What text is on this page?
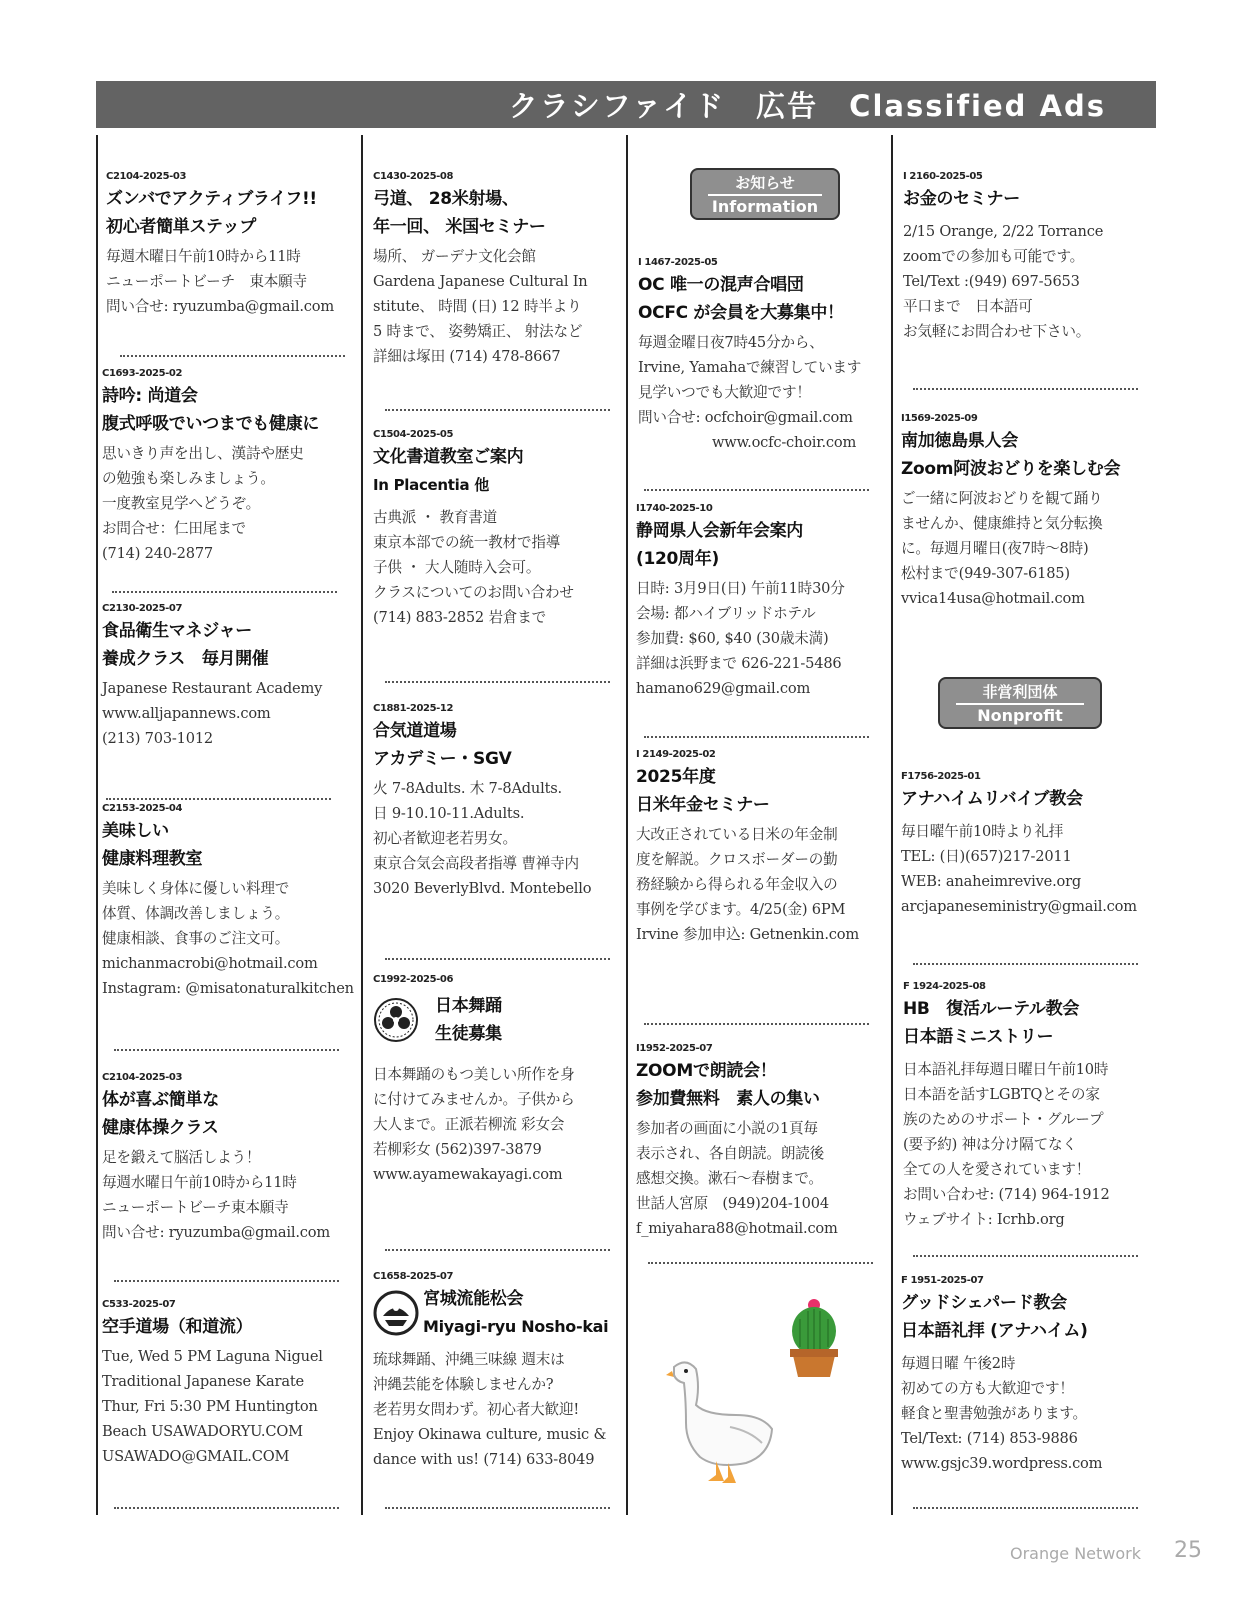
クラシファイド　広告　Classified Ads
C2104-2025-03
ズンバでアクティブライフ!!
初心者簡単ステップ
毎週木曜日午前10時から11時
ニューポートビーチ　東本願寺
問い合せ: ryuzumba@gmail.com
C1693-2025-02
詩吟: 尚道会
腹式呼吸でいつまでも健康に
思いきり声を出し、漢詩や歴史
の勉強も楽しみましょう。
一度教室見学へどうぞ。
お問合せ：仁田尾まで
(714) 240-2877
C2130-2025-07
食品衛生マネジャー
養成クラス　毎月開催
Japanese Restaurant Academy
www.alljapannews.com
(213) 703-1012
C2153-2025-04
美味しい
健康料理教室
美味しく身体に優しい料理で
体質、体調改善しましょう。
健康相談、食事のご注文可。
michanmacrobi@hotmail.com
Instagram: @misatonaturalkitchen
C2104-2025-03
体が喜ぶ簡単な
健康体操クラス
足を鍛えて脳活しよう！
毎週水曜日午前10時から11時
ニューポートビーチ東本願寺
問い合せ: ryuzumba@gmail.com
C533-2025-07
空手道場（和道流）
Tue, Wed 5 PM Laguna Niguel
Traditional Japanese Karate
Thur, Fri 5:30 PM Huntington
Beach USAWADORYU.COM
USAWADO@GMAIL.COM
C1430-2025-08
弓道、 28米射場、
年一回、 米国セミナー
場所、 ガーデナ文化会館
Gardena Japanese Cultural In
stitute、 時間 (日) 12 時半より
5 時まで、 姿勢矯正、 射法など
詳細は塚田 (714) 478-8667
C1504-2025-05
文化書道教室ご案内
In Placentia 他
古典派 ・ 教育書道
東京本部での統一教材で指導
子供 ・ 大人随時入会可。
クラスについてのお問い合わせ
(714) 883-2852 岩倉まで
C1881-2025-12
合気道道場
アカデミー・SGV
火 7-8Adults. 木 7-8Adults.
日 9-10.10-11.Adults.
初心者歓迎老若男女。
東京合気会高段者指導 曹禅寺内
3020 BeverlyBlvd. Montebello
C1992-2025-06
日本舞踊
生徒募集
日本舞踊のもつ美しい所作を身
に付けてみませんか。子供から
大人まで。正派若柳流 彩女会
若柳彩女 (562)397-3879
www.ayamewakayagi.com
C1658-2025-07
宮城流能松会
Miyagi-ryu Nosho-kai
琉球舞踊、沖縄三味線 週末は
沖縄芸能を体験しませんか?
老若男女問わず。初心者大歓迎!
Enjoy Okinawa culture, music &
dance with us! (714) 633-8049
お知らせ
Information
I 1467-2025-05
OC 唯一の混声合唱団
OCFC が会員を大募集中！
毎週金曜日夜7時45分から、
Irvine, Yamahaで練習しています
見学いつでも大歓迎です！
問い合せ: ocfchoir@gmail.com
www.ocfc-choir.com
I1740-2025-10
静岡県人会新年会案内
(120周年)
日時: 3月9日(日) 午前11時30分
会場: 都ハイブリッドホテル
参加費: $60, $40 (30歳未満)
詳細は浜野まで 626-221-5486
hamano629@gmail.com
I 2149-2025-02
2025年度
日米年金セミナー
大改正されている日米の年金制
度を解説。クロスボーダーの勤
務経験から得られる年金収入の
事例を学びます。4/25(金) 6PM
Irvine 参加申込: Getnenkin.com
I1952-2025-07
ZOOMで朗読会！
参加費無料　素人の集い
参加者の画面に小説の1頁毎
表示され、各自朗読。朗読後
感想交換。漱石～春樹まで。
世話人宮原　(949)204-1004
f_miyahara88@hotmail.com
I 2160-2025-05
お金のセミナー
2/15 Orange, 2/22 Torrance
zoomでの参加も可能です。
Tel/Text :(949) 697-5653
平口まで　日本語可
お気軽にお問合わせ下さい。
I1569-2025-09
南加徳島県人会
Zoom阿波おどりを楽しむ会
ご一緒に阿波おどりを観て踊り
ませんか、健康維持と気分転換
に。毎週月曜日(夜7時～8時)
松村まで(949-307-6185)
vvica14usa@hotmail.com
非営利団体
Nonprofit
F1756-2025-01
アナハイムリバイブ教会
毎日曜午前10時より礼拝
TEL: (日)(657)217-2011
WEB: anaheimrevive.org
arcjapaneseministry@gmail.com
F 1924-2025-08
HB　復活ルーテル教会
日本語ミニストリー
日本語礼拝毎週日曜日午前10時
日本語を話すLGBTQとその家
族のためのサポート・グループ
(要予約) 神は分け隔てなく
全ての人を愛されています！
お問い合わせ: (714) 964-1912
ウェブサイト: Icrhb.org
F 1951-2025-07
グッドシェパード教会
日本語礼拝 (アナハイム)
毎週日曜 午後2時
初めての方も大歓迎です！
軽食と聖書勉強があります。
Tel/Text: (714) 853-9886
www.gsjc39.wordpress.com
Orange Network 25
